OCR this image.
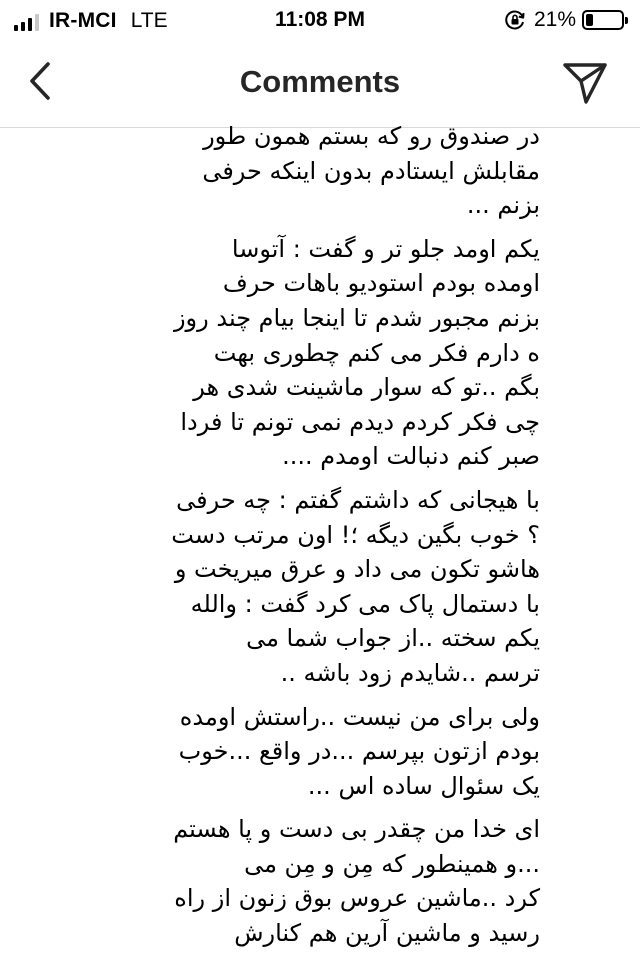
IR-MCI LTE	11:08 PM	21%
Comments
در صندوق رو که بستم همون طور
مقابلش ایستادم بدون اینکه حرفی
بزنم ...
یکم اومد جلو تر و گفت : آتوسا
اومده بودم استودیو باهات حرف
بزنم مجبور شدم تا اینجا بیام چند روز
ه دارم فکر می کنم چطوری بهت
بگم ..تو که سوار ماشینت شدی هر
چی فکر کردم دیدم نمی تونم تا فردا
صبر کنم دنبالت اومدم ....
با هیجانی که داشتم گفتم : چه حرفی
؟ خوب بگین دیگه ؛! اون مرتب دست
هاشو تکون می داد و عرق میریخت و
با دستمال پاک می کرد گفت : والله
یکم سخته ..از جواب شما می
ترسم ..شایدم زود باشه ..
ولی برای من نیست ..راستش اومده
بودم ازتون بپرسم ...در واقع ...خوب
یک سئوال ساده اس ...
ای خدا من چقدر بی دست و پا هستم
...و همینطور که مِن و مِن می
کرد ..ماشین عروس بوق زنون از راه
رسید و ماشین آرین هم کنارش
